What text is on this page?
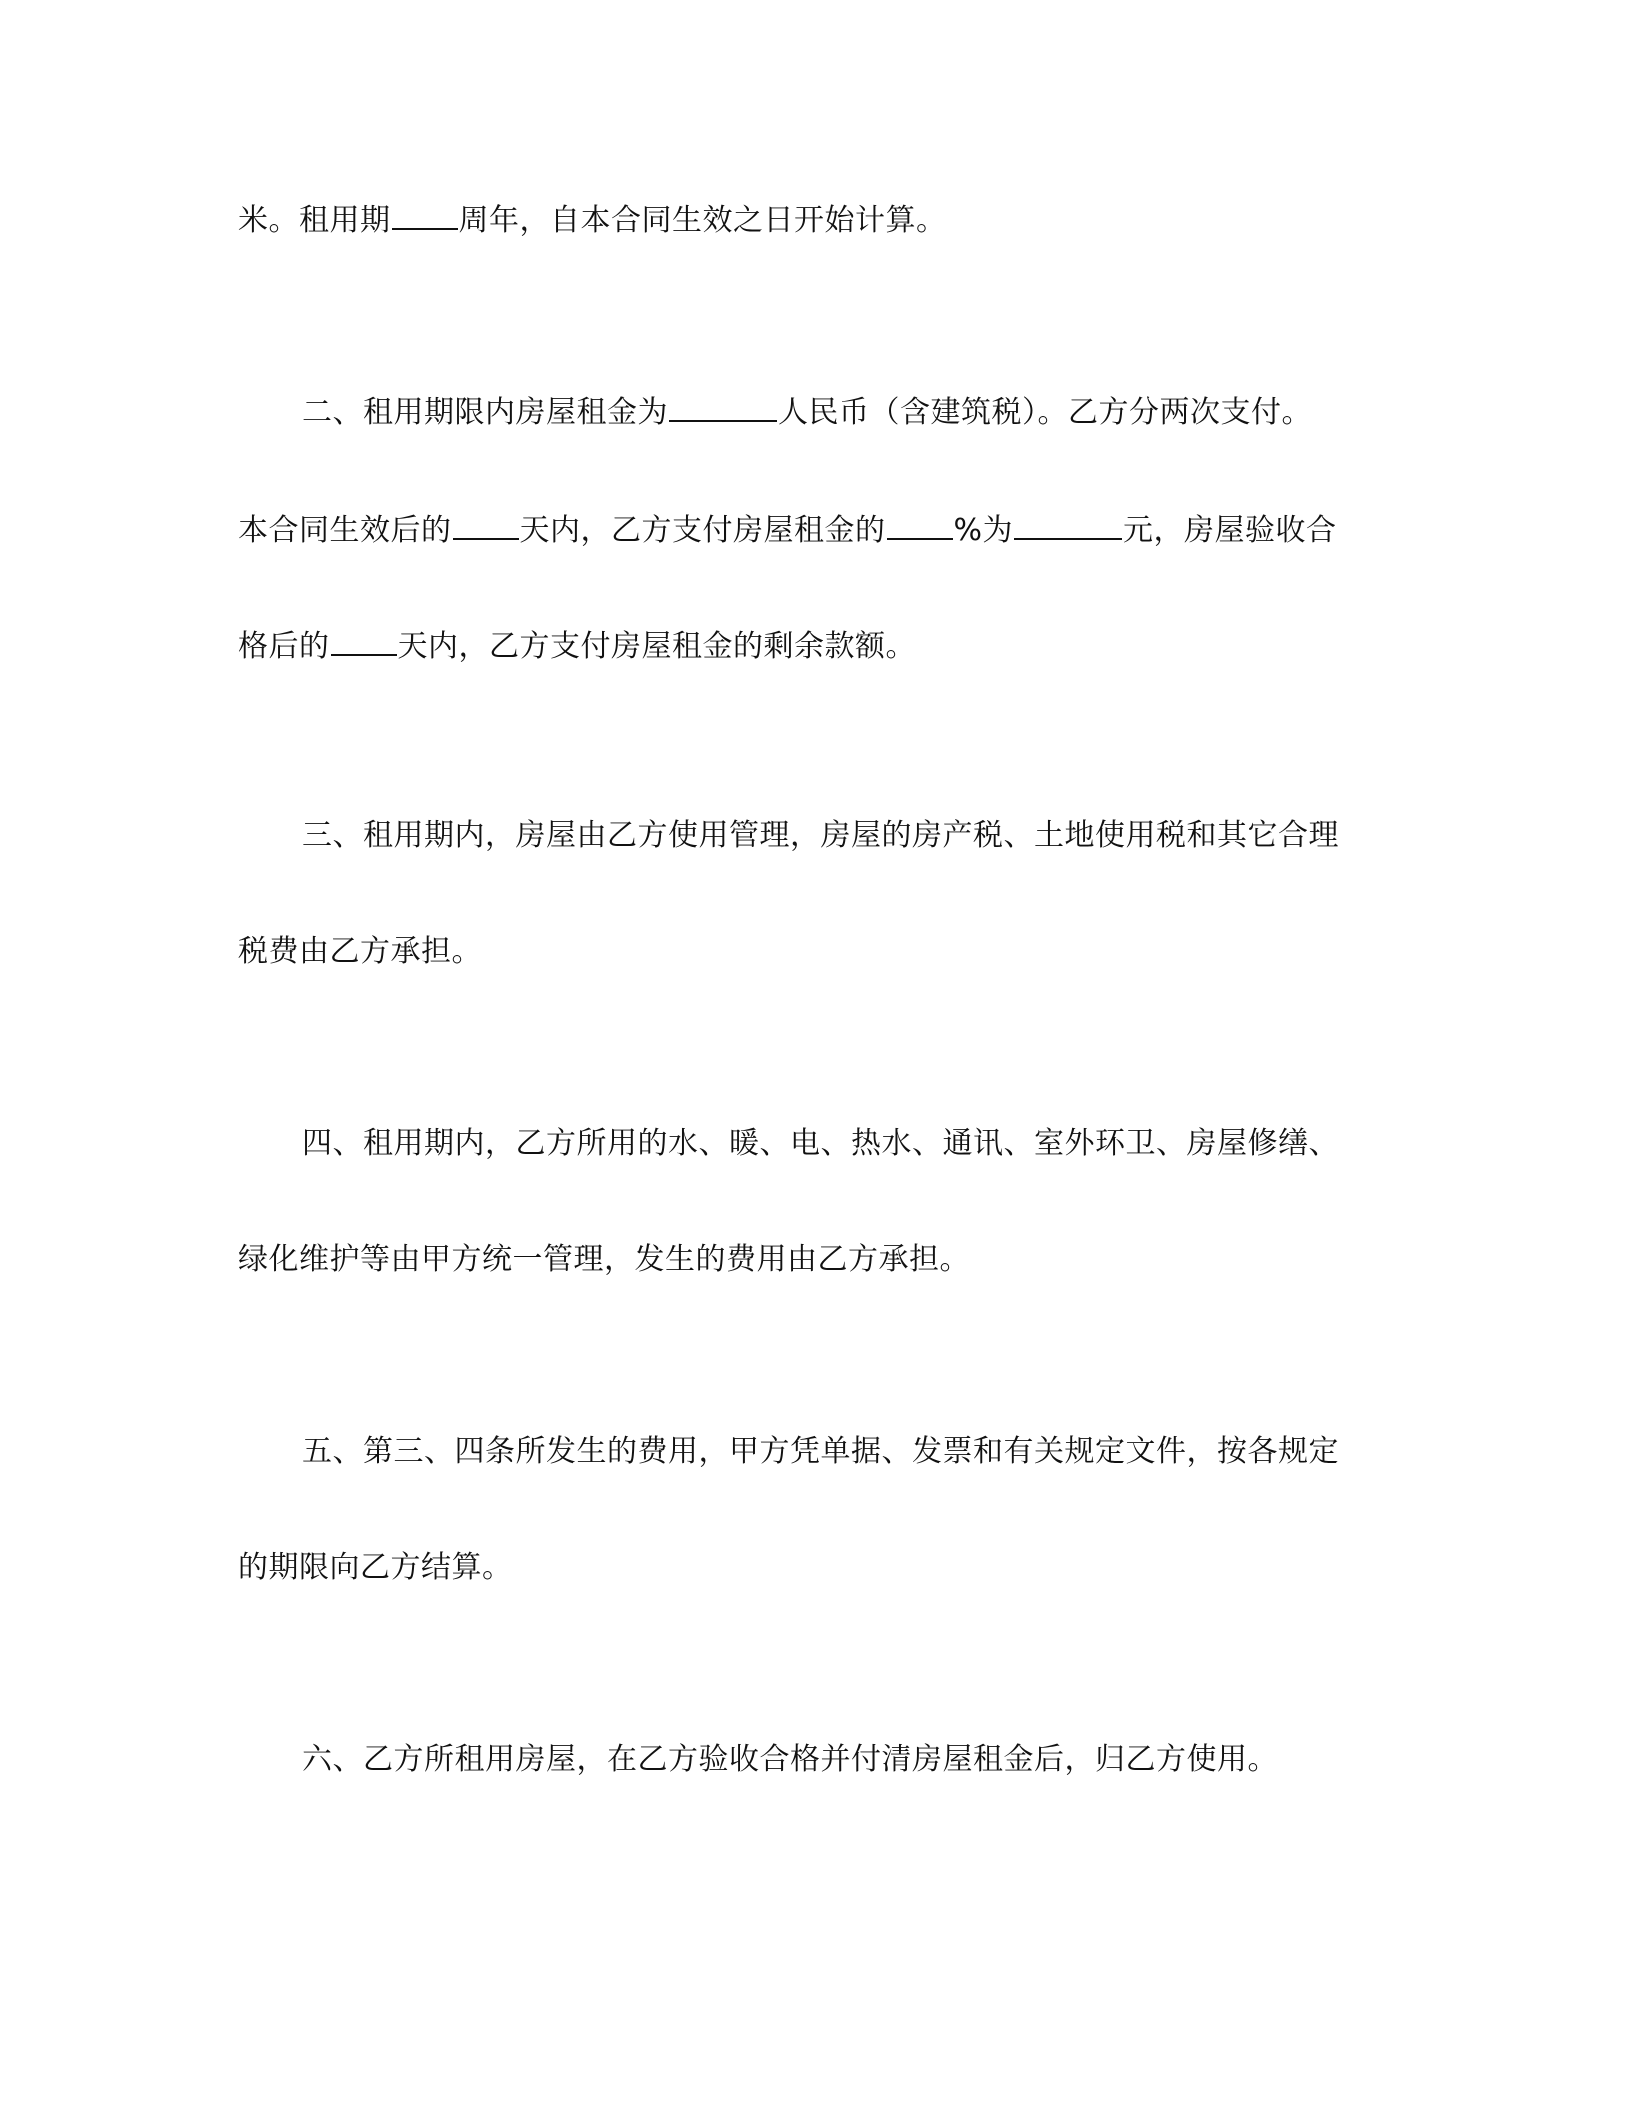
米。租用期 周年，自本合同生效之日开始计算。
二、租用期限内房屋租金为	人民币（含建筑税）。乙方分两次支付。
本合同生效后的 天内，乙方支付房屋租金的 %为	元，房屋验收合
格后的 天内，乙方支付房屋租金的剩余款额。
三、租用期内，房屋由乙方使用管理，房屋的房产税、土地使用税和其它合理
税费由乙方承担。
四、租用期内，乙方所用的水、暖、电、热水、通讯、室外环卫、房屋修缮、
绿化维护等由甲方统一管理，发生的费用由乙方承担。
五、第三、四条所发生的费用，甲方凭单据、发票和有关规定文件，按各规定
的期限向乙方结算。
六、乙方所租用房屋，在乙方验收合格并付清房屋租金后，归乙方使用。
